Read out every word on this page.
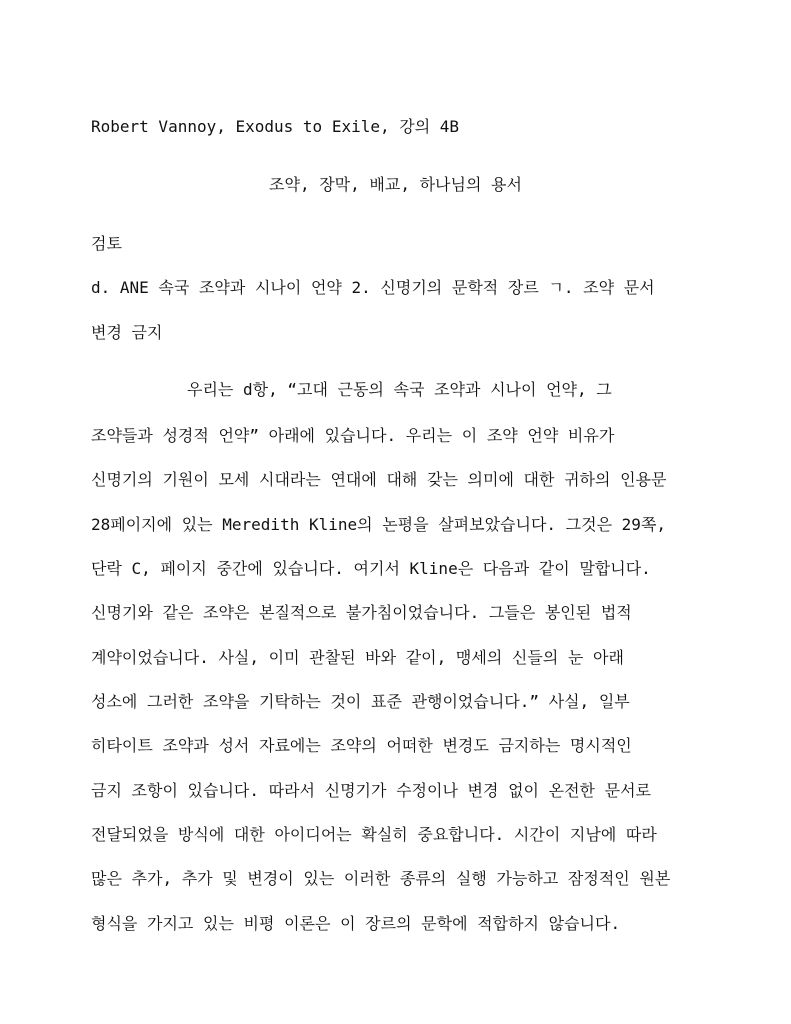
Robert Vannoy, Exodus to Exile, 강의 4B
조약, 장막, 배교, 하나님의 용서
검토
d. ANE 속국 조약과 시나이 언약 2. 신명기의 문학적 장르 ㄱ. 조약 문서
변경 금지
우리는 d항, “고대 근동의 속국 조약과 시나이 언약, 그
조약들과 성경적 언약” 아래에 있습니다. 우리는 이 조약 언약 비유가
신명기의 기원이 모세 시대라는 연대에 대해 갖는 의미에 대한 귀하의 인용문
28페이지에 있는 Meredith Kline의 논평을 살펴보았습니다. 그것은 29쪽,
단락 C, 페이지 중간에 있습니다. 여기서 Kline은 다음과 같이 말합니다.
신명기와 같은 조약은 본질적으로 불가침이었습니다. 그들은 봉인된 법적
계약이었습니다. 사실, 이미 관찰된 바와 같이, 맹세의 신들의 눈 아래
성소에 그러한 조약을 기탁하는 것이 표준 관행이었습니다.” 사실, 일부
히타이트 조약과 성서 자료에는 조약의 어떠한 변경도 금지하는 명시적인
금지 조항이 있습니다. 따라서 신명기가 수정이나 변경 없이 온전한 문서로
전달되었을 방식에 대한 아이디어는 확실히 중요합니다. 시간이 지남에 따라
많은 추가, 추가 및 변경이 있는 이러한 종류의 실행 가능하고 잠정적인 원본
형식을 가지고 있는 비평 이론은 이 장르의 문학에 적합하지 않습니다.
